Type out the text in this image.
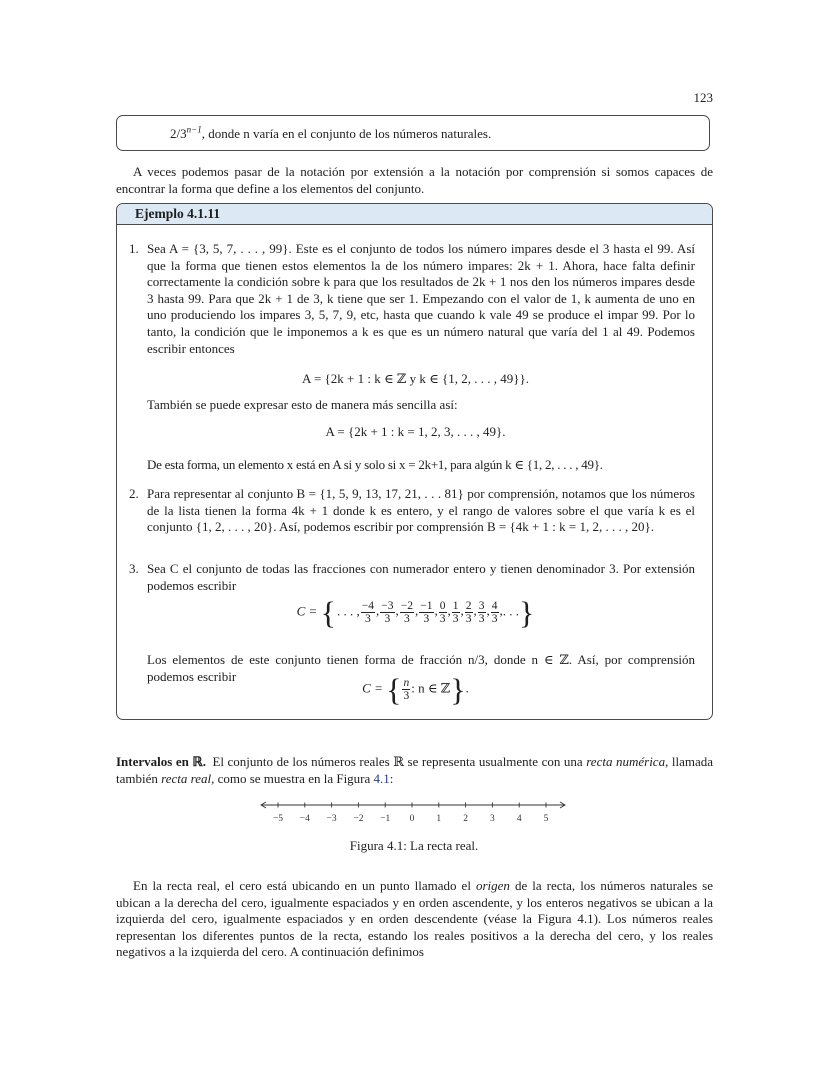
123
$2/3^{n-1}$, donde n varía en el conjunto de los números naturales.
A veces podemos pasar de la notación por extensión a la notación por comprensión si somos capaces de encontrar la forma que define a los elementos del conjunto.
Ejemplo 4.1.11
1. Sea A = {3, 5, 7, . . . , 99}. Este es el conjunto de todos los número impares desde el 3 hasta el 99. Así que la forma que tienen estos elementos la de los número impares: 2k + 1. Ahora, hace falta definir correctamente la condición sobre k para que los resultados de 2k + 1 nos den los números impares desde 3 hasta 99. Para que 2k + 1 de 3, k tiene que ser 1. Empezando con el valor de 1, k aumenta de uno en uno produciendo los impares 3, 5, 7, 9, etc, hasta que cuando k vale 49 se produce el impar 99. Por lo tanto, la condición que le imponemos a k es que es un número natural que varía del 1 al 49. Podemos escribir entonces
A = {2k + 1 : k ∈ ℤ y k ∈ {1, 2, . . . , 49}}.
También se puede expresar esto de manera más sencilla así:
A = {2k + 1 : k = 1, 2, 3, . . . , 49}.
De esta forma, un elemento x está en A si y solo si x = 2k+1, para algún k ∈ {1, 2, . . . , 49}.
2. Para representar al conjunto B = {1, 5, 9, 13, 17, 21, . . . 81} por comprensión, notamos que los números de la lista tienen la forma 4k + 1 donde k es entero, y el rango de valores sobre el que varía k es el conjunto {1, 2, . . . , 20}. Así, podemos escribir por comprensión B = {4k + 1 : k = 1, 2, . . . , 20}.
3. Sea C el conjunto de todas las fracciones con numerador entero y tienen denominador 3. Por extensión podemos escribir
C = { . . . , $\frac{-4}{3}$ , $\frac{-3}{3}$ , $\frac{-2}{3}$ , $\frac{-1}{3}$ , $\frac{0}{3}$ , $\frac{1}{3}$ , $\frac{2}{3}$ , $\frac{3}{3}$ , $\frac{4}{3}$ ,. . .}
Los elementos de este conjunto tienen forma de fracción n/3, donde n ∈ ℤ. Así, por comprensión podemos escribir
C = { $\frac{n}{3}$ : n ∈ ℤ}.
Intervalos en ℝ.  El conjunto de los números reales ℝ se representa usualmente con una recta numérica, llamada también recta real, como se muestra en la Figura 4.1:
−5 −4 −3 −2 −1 0 1 2 3 4 5
Figura 4.1: La recta real.
En la recta real, el cero está ubicando en un punto llamado el origen de la recta, los números naturales se ubican a la derecha del cero, igualmente espaciados y en orden ascendente, y los enteros negativos se ubican a la izquierda del cero, igualmente espaciados y en orden descendente (véase la Figura 4.1). Los números reales representan los diferentes puntos de la recta, estando los reales positivos a la derecha del cero, y los reales negativos a la izquierda del cero. A continuación definimos
